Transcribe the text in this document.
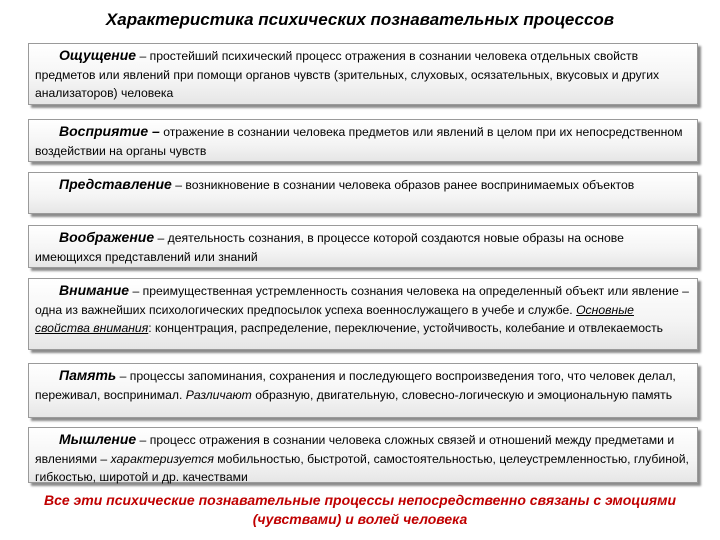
Характеристика психических познавательных процессов
Ощущение – простейший психический процесс отражения в сознании человека отдельных свойств предметов или явлений при помощи органов чувств (зрительных, слуховых, осязательных, вкусовых и других анализаторов) человека
Восприятие – отражение в сознании человека предметов или явлений в целом при их непосредственном воздействии на органы чувств
Представление – возникновение в сознании человека образов ранее воспринимаемых объектов
Воображение – деятельность сознания, в процессе которой создаются новые образы на основе имеющихся представлений или знаний
Внимание – преимущественная устремленность сознания человека на определенный объект или явление – одна из важнейших психологических предпосылок успеха военнослужащего в учебе и службе. Основные свойства внимания: концентрация, распределение, переключение, устойчивость, колебание и отвлекаемость
Память – процессы запоминания, сохранения и последующего воспроизведения того, что человек делал, переживал, воспринимал. Различают образную, двигательную, словесно-логическую и эмоциональную память
Мышление – процесс отражения в сознании человека сложных связей и отношений между предметами и явлениями – характеризуется мобильностью, быстротой, самостоятельностью, целеустремленностью, глубиной, гибкостью, широтой и др. качествами
Все эти психические познавательные процессы непосредственно связаны с эмоциями (чувствами) и волей человека
